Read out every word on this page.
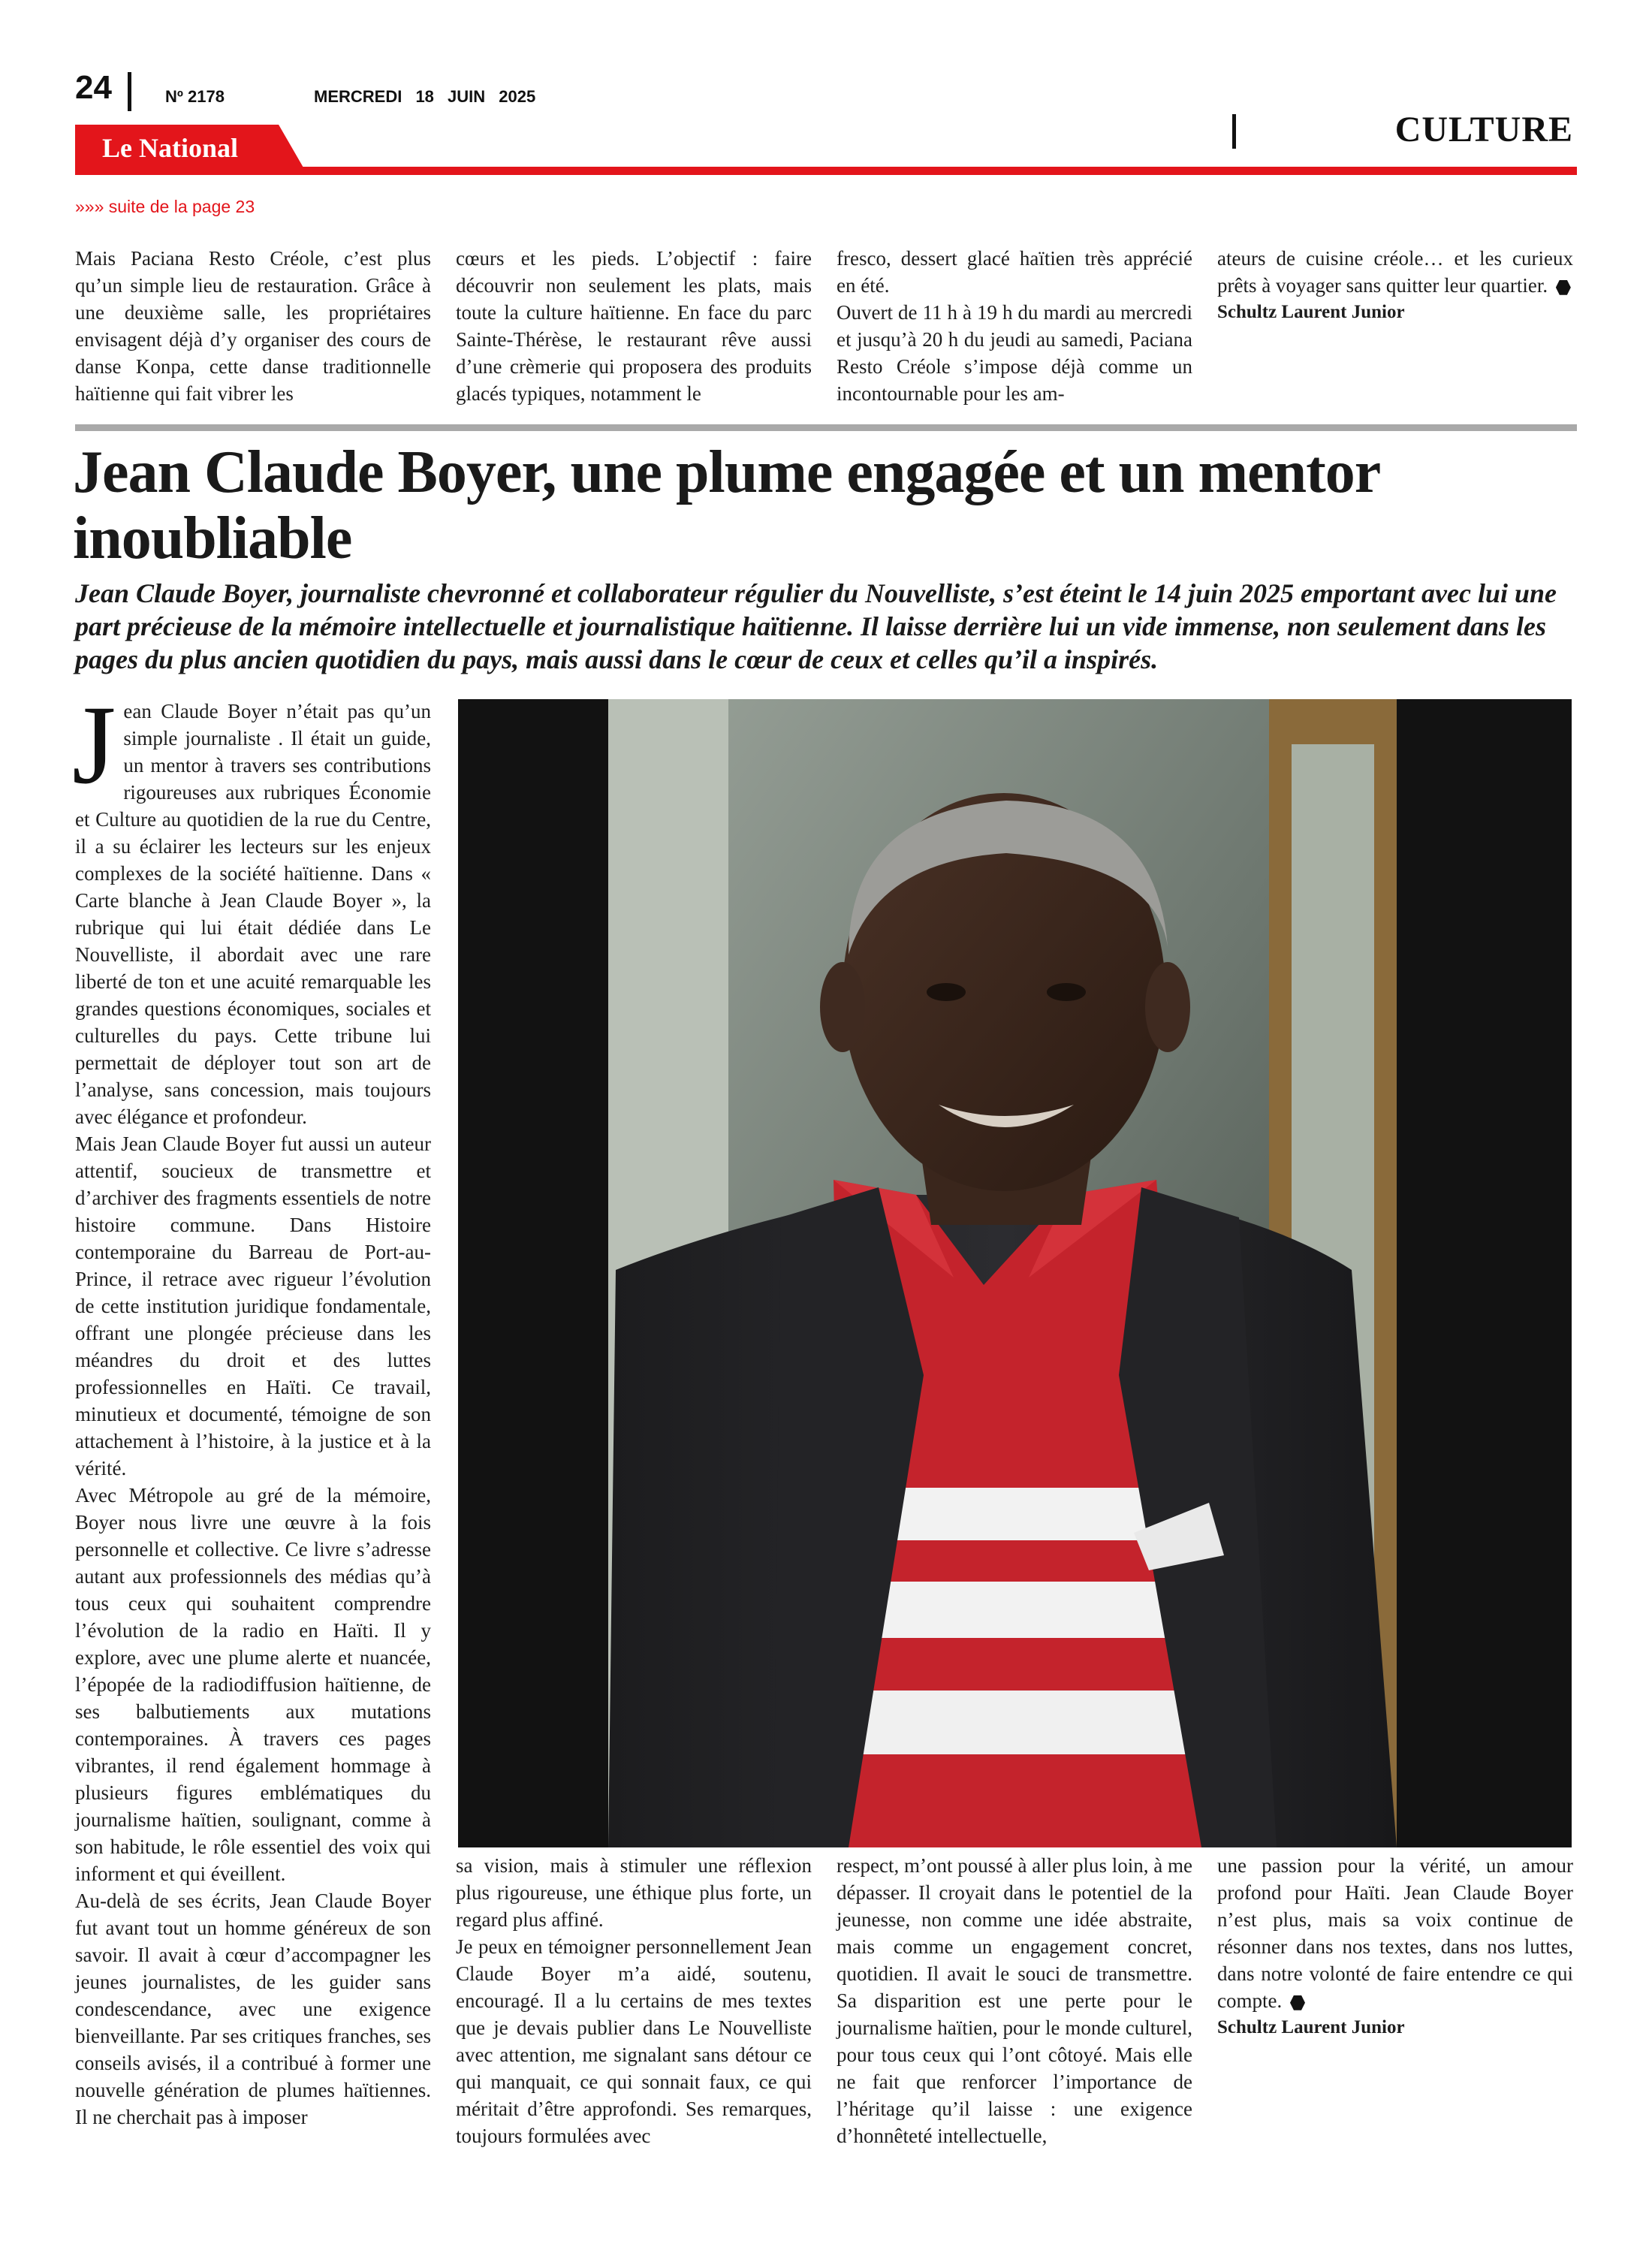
24	Nº 2178	MERCREDI 18 JUIN 2025
CULTURE
Le National
»»» suite de la page 23

Mais Paciana Resto Créole, c’est plus qu’un simple lieu de restauration. Grâce à une deuxième salle, les propriétaires envisagent déjà d’y organiser des cours de danse Konpa, cette danse traditionnelle haïtienne qui fait vibrer les

cœurs et les pieds. L’objectif : faire découvrir non seulement les plats, mais toute la culture haïtienne. En face du parc Sainte-Thérèse, le restaurant rêve aussi d’une crèmerie qui proposera des produits glacés typiques, notamment le

fresco, dessert glacé haïtien très apprécié en été.

Ouvert de 11 h à 19 h du mardi au mercredi et jusqu’à 20 h du jeudi au samedi, Paciana Resto Créole s’impose déjà comme un incontournable pour les am-

ateurs de cuisine créole… et les curieux prêts à voyager sans quitter leur quartier.

Schultz Laurent Junior

Jean Claude Boyer, une plume engagée et un mentor inoubliable

Jean Claude Boyer, journaliste chevronné et collaborateur régulier du Nouvelliste, s’est éteint le 14 juin 2025 emportant avec lui une part précieuse de la mémoire intellectuelle et journalistique haïtienne. Il laisse derrière lui un vide immense, non seulement dans les pages du plus ancien quotidien du pays, mais aussi dans le cœur de ceux et celles qu’il a inspirés.

Jean Claude Boyer n’était pas qu’un simple journaliste . Il était un guide, un mentor à travers ses contributions rigoureuses aux rubriques Économie et Culture au quotidien de la rue du Centre, il a su éclairer les lecteurs sur les enjeux complexes de la société haïtienne. Dans « Carte blanche à Jean Claude Boyer », la rubrique qui lui était dédiée dans Le Nouvelliste, il abordait avec une rare liberté de ton et une acuité remarquable les grandes questions économiques, sociales et culturelles du pays. Cette tribune lui permettait de déployer tout son art de l’analyse, sans concession, mais toujours avec élégance et profondeur.

Mais Jean Claude Boyer fut aussi un auteur attentif, soucieux de transmettre et d’archiver des fragments essentiels de notre histoire commune. Dans Histoire contemporaine du Barreau de Port-au-Prince, il retrace avec rigueur l’évolution de cette institution juridique fondamentale, offrant une plongée précieuse dans les méandres du droit et des luttes professionnelles en Haïti. Ce travail, minutieux et documenté, témoigne de son attachement à l’histoire, à la justice et à la vérité.

Avec Métropole au gré de la mémoire, Boyer nous livre une œuvre à la fois personnelle et collective. Ce livre s’adresse autant aux professionnels des médias qu’à tous ceux qui souhaitent comprendre l’évolution de la radio en Haïti. Il y explore, avec une plume alerte et nuancée, l’épopée de la radiodiffusion haïtienne, de ses balbutiements aux mutations contemporaines. À travers ces pages vibrantes, il rend également hommage à plusieurs figures emblématiques du journalisme haïtien, soulignant, comme à son habitude, le rôle essentiel des voix qui informent et qui éveillent.

Au-delà de ses écrits, Jean Claude Boyer fut avant tout un homme généreux de son savoir. Il avait à cœur d’accompagner les jeunes journalistes, de les guider sans condescendance, avec une exigence bienveillante. Par ses critiques franches, ses conseils avisés, il a contribué à former une nouvelle génération de plumes haïtiennes. Il ne cherchait pas à imposer

sa vision, mais à stimuler une réflexion plus rigoureuse, une éthique plus forte, un regard plus affiné.

Je peux en témoigner personnellement Jean Claude Boyer m’a aidé, soutenu, encouragé. Il a lu certains de mes textes que je devais publier dans Le Nouvelliste avec attention, me signalant sans détour ce qui manquait, ce qui sonnait faux, ce qui méritait d’être approfondi. Ses remarques, toujours formulées avec

respect, m’ont poussé à aller plus loin, à me dépasser. Il croyait dans le potentiel de la jeunesse, non comme une idée abstraite, mais comme un engagement concret, quotidien. Il avait le souci de transmettre. Sa disparition est une perte pour le journalisme haïtien, pour le monde culturel, pour tous ceux qui l’ont côtoyé. Mais elle ne fait que renforcer l’importance de l’héritage qu’il laisse : une exigence d’honnêteté intellectuelle,

une passion pour la vérité, un amour profond pour Haïti. Jean Claude Boyer n’est plus, mais sa voix continue de résonner dans nos textes, dans nos luttes, dans notre volonté de faire entendre ce qui compte.

Schultz Laurent Junior
